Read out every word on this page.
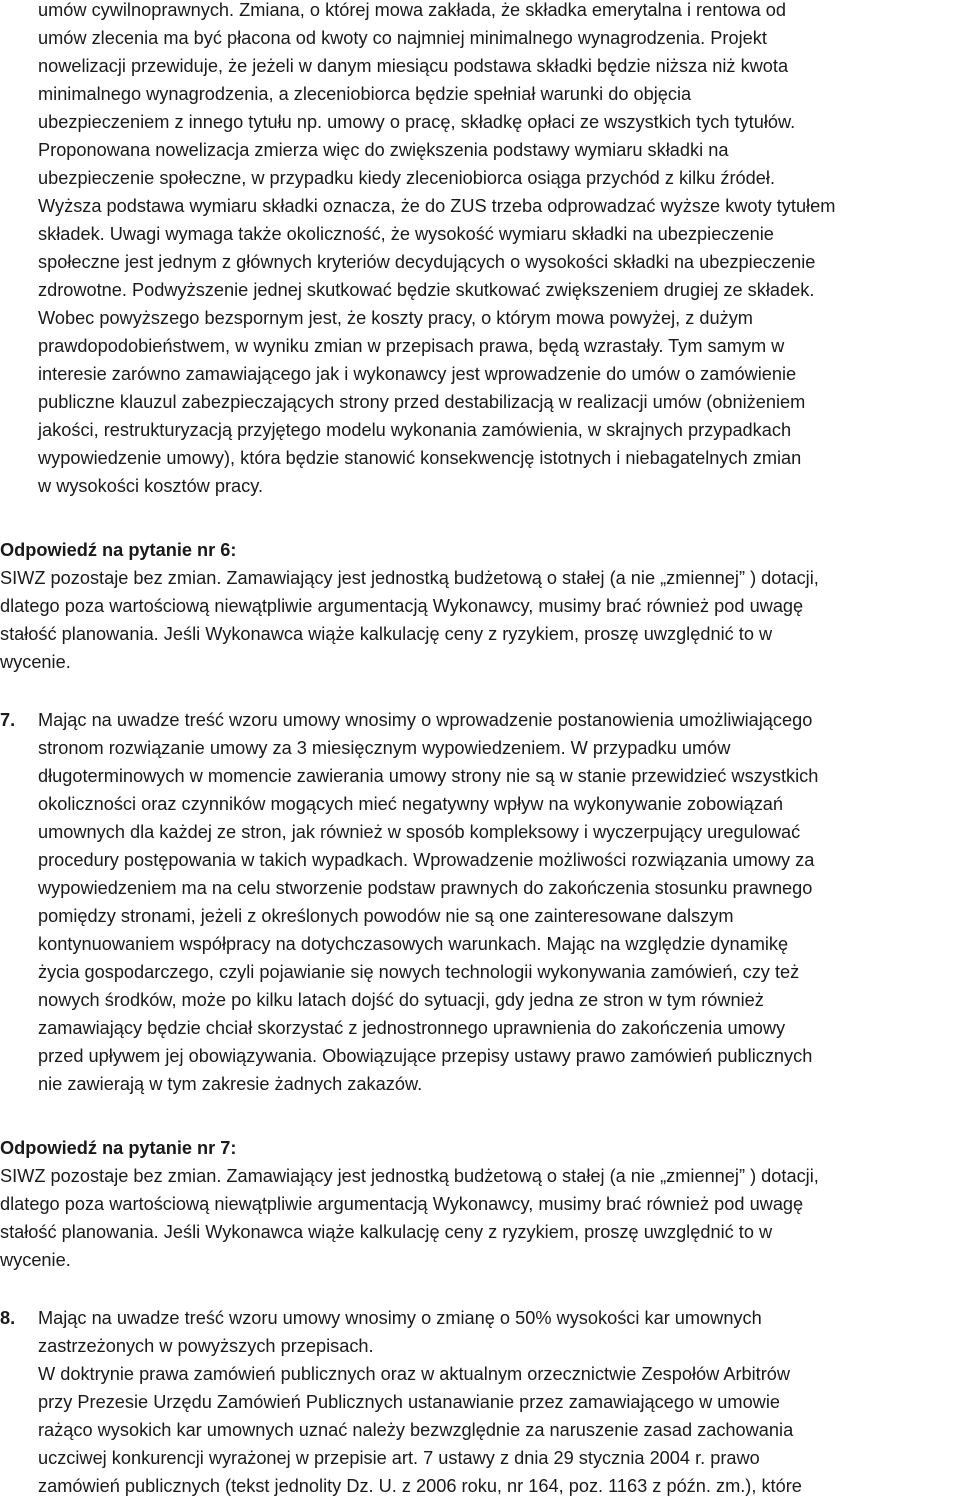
umów cywilnoprawnych. Zmiana, o której mowa zakłada, że składka emerytalna i rentowa od
umów zlecenia ma być płacona od kwoty co najmniej minimalnego wynagrodzenia. Projekt
nowelizacji przewiduje, że jeżeli w danym miesiącu podstawa składki będzie niższa niż kwota
minimalnego wynagrodzenia, a zleceniobiorca będzie spełniał warunki do objęcia
ubezpieczeniem z innego tytułu np. umowy o pracę, składkę opłaci ze wszystkich tych tytułów.
Proponowana nowelizacja zmierza więc do zwiększenia podstawy wymiaru składki na
ubezpieczenie społeczne, w przypadku kiedy zleceniobiorca osiąga przychód z kilku źródeł.
Wyższa podstawa wymiaru składki oznacza, że do ZUS trzeba odprowadzać wyższe kwoty tytułem
składek. Uwagi wymaga także okoliczność, że wysokość wymiaru składki na ubezpieczenie
społeczne jest jednym z głównych kryteriów decydujących o wysokości składki na ubezpieczenie
zdrowotne. Podwyższenie jednej skutkować będzie skutkować zwiększeniem drugiej ze składek.
Wobec powyższego bezspornym jest, że koszty pracy, o którym mowa powyżej, z dużym
prawdopodobieństwem, w wyniku zmian w przepisach prawa, będą wzrastały. Tym samym w
interesie zarówno zamawiającego jak i wykonawcy jest wprowadzenie do umów o zamówienie
publiczne klauzul zabezpieczających strony przed destabilizacją w realizacji umów (obniżeniem
jakości, restrukturyzacją przyjętego modelu wykonania zamówienia, w skrajnych przypadkach
wypowiedzenie umowy), która będzie stanowić konsekwencję istotnych i niebagatelnych zmian
w wysokości kosztów pracy.
Odpowiedź na pytanie nr 6:
SIWZ pozostaje bez zmian. Zamawiający jest jednostką budżetową o stałej (a nie „zmiennej” ) dotacji,
dlatego poza wartościową niewątpliwie argumentacją Wykonawcy, musimy brać również pod uwagę
stałość planowania. Jeśli Wykonawca wiąże kalkulację ceny z ryzykiem, proszę uwzględnić to w
wycenie.
7. Mając na uwadze treść wzoru umowy wnosimy o wprowadzenie postanowienia umożliwiającego
stronom rozwiązanie umowy za 3 miesięcznym wypowiedzeniem. W przypadku umów
długoterminowych w momencie zawierania umowy strony nie są w stanie przewidzieć wszystkich
okoliczności oraz czynników mogących mieć negatywny wpływ na wykonywanie zobowiązań
umownych dla każdej ze stron, jak również w sposób kompleksowy i wyczerpujący uregulować
procedury postępowania w takich wypadkach. Wprowadzenie możliwości rozwiązania umowy za
wypowiedzeniem ma na celu stworzenie podstaw prawnych do zakończenia stosunku prawnego
pomiędzy stronami, jeżeli z określonych powodów nie są one zainteresowane dalszym
kontynuowaniem współpracy na dotychczasowych warunkach. Mając na względzie dynamikę
życia gospodarczego, czyli pojawianie się nowych technologii wykonywania zamówień, czy też
nowych środków, może po kilku latach dojść do sytuacji, gdy jedna ze stron w tym również
zamawiający będzie chciał skorzystać z jednostronnego uprawnienia do zakończenia umowy
przed upływem jej obowiązywania. Obowiązujące przepisy ustawy prawo zamówień publicznych
nie zawierają w tym zakresie żadnych zakazów.
Odpowiedź na pytanie nr 7:
SIWZ pozostaje bez zmian. Zamawiający jest jednostką budżetową o stałej (a nie „zmiennej” ) dotacji,
dlatego poza wartościową niewątpliwie argumentacją Wykonawcy, musimy brać również pod uwagę
stałość planowania. Jeśli Wykonawca wiąże kalkulację ceny z ryzykiem, proszę uwzględnić to w
wycenie.
8. Mając na uwadze treść wzoru umowy wnosimy o zmianę o 50% wysokości kar umownych
zastrzeżonych w powyższych przepisach.
W doktrynie prawa zamówień publicznych oraz w aktualnym orzecznictwie Zespołów Arbitrów
przy Prezesie Urzędu Zamówień Publicznych ustanawianie przez zamawiającego w umowie
rażąco wysokich kar umownych uznać należy bezwzględnie za naruszenie zasad zachowania
uczciwej konkurencji wyrażonej w przepisie art. 7 ustawy z dnia 29 stycznia 2004 r. prawo
zamówień publicznych (tekst jednolity Dz. U. z 2006 roku, nr 164, poz. 1163 z późn. zm.), które
